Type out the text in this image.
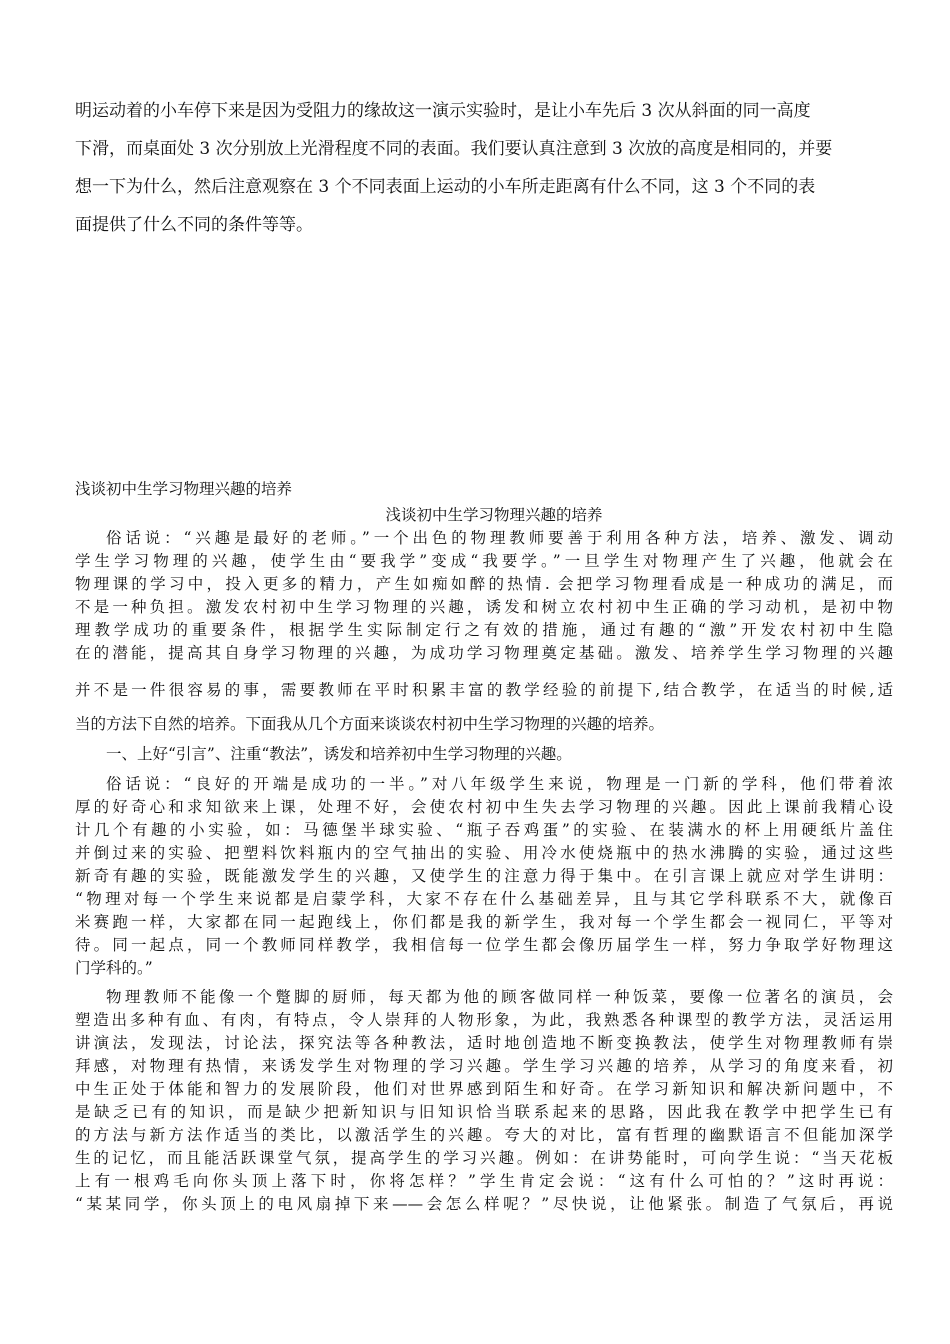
明运动着的小车停下来是因为受阻力的缘故这一演示实验时，是让小车先后 3 次从斜面的同一高度
下滑，而桌面处 3 次分别放上光滑程度不同的表面。我们要认真注意到 3 次放的高度是相同的，并要
想一下为什么，然后注意观察在 3 个不同表面上运动的小车所走距离有什么不同，这 3 个不同的表
面提供了什么不同的条件等等。

浅谈初中生学习物理兴趣的培养

浅谈初中生学习物理兴趣的培养
俗话说：“兴趣是最好的老师。”一个出色的物理教师要善于利用各种方法，培养、激发、调动
学生学习物理的兴趣，使学生由“要我学”变成“我要学。”一旦学生对物理产生了兴趣，他就会在
物理课的学习中，投入更多的精力，产生如痴如醉的热情. 会把学习物理看成是一种成功的满足，而
不是一种负担。激发农村初中生学习物理的兴趣，诱发和树立农村初中生正确的学习动机，是初中物
理教学成功的重要条件，根据学生实际制定行之有效的措施，通过有趣的“激”开发农村初中生隐
在的潜能，提高其自身学习物理的兴趣，为成功学习物理奠定基础。激发、培养学生学习物理的兴趣
并不是一件很容易的事，需要教师在平时积累丰富的教学经验的前提下,结合教学，在适当的时候,适
当的方法下自然的培养。下面我从几个方面来谈谈农村初中生学习物理的兴趣的培养。
一、上好“引言”、注重“教法”，诱发和培养初中生学习物理的兴趣。
俗话说：“良好的开端是成功的一半。”对八年级学生来说，物理是一门新的学科，他们带着浓
厚的好奇心和求知欲来上课，处理不好，会使农村初中生失去学习物理的兴趣。因此上课前我精心设
计几个有趣的小实验，如：马德堡半球实验、“瓶子吞鸡蛋”的实验、在装满水的杯上用硬纸片盖住
并倒过来的实验、把塑料饮料瓶内的空气抽出的实验、用冷水使烧瓶中的热水沸腾的实验，通过这些
新奇有趣的实验，既能激发学生的兴趣，又使学生的注意力得于集中。在引言课上就应对学生讲明：
“物理对每一个学生来说都是启蒙学科，大家不存在什么基础差异，且与其它学科联系不大，就像百
米赛跑一样，大家都在同一起跑线上，你们都是我的新学生，我对每一个学生都会一视同仁，平等对
待。同一起点，同一个教师同样教学，我相信每一位学生都会像历届学生一样，努力争取学好物理这
门学科的。”
物理教师不能像一个蹩脚的厨师，每天都为他的顾客做同样一种饭菜，要像一位著名的演员，会
塑造出多种有血、有肉，有特点，令人崇拜的人物形象，为此，我熟悉各种课型的教学方法，灵活运用
讲演法，发现法，讨论法，探究法等各种教法，适时地创造地不断变换教法，使学生对物理教师有崇
拜感，对物理有热情，来诱发学生对物理的学习兴趣。学生学习兴趣的培养，从学习的角度来看，初
中生正处于体能和智力的发展阶段，他们对世界感到陌生和好奇。在学习新知识和解决新问题中，不
是缺乏已有的知识，而是缺少把新知识与旧知识恰当联系起来的思路，因此我在教学中把学生已有
的方法与新方法作适当的类比，以激活学生的兴趣。夸大的对比，富有哲理的幽默语言不但能加深学
生的记忆，而且能活跃课堂气氛，提高学生的学习兴趣。例如：在讲势能时，可向学生说：“当天花板
上有一根鸡毛向你头顶上落下时，你将怎样？”学生肯定会说：“这有什么可怕的？”这时再说：
“某某同学，你头顶上的电风扇掉下来——会怎么样呢？”尽快说，让他紧张。制造了气氛后，再说
